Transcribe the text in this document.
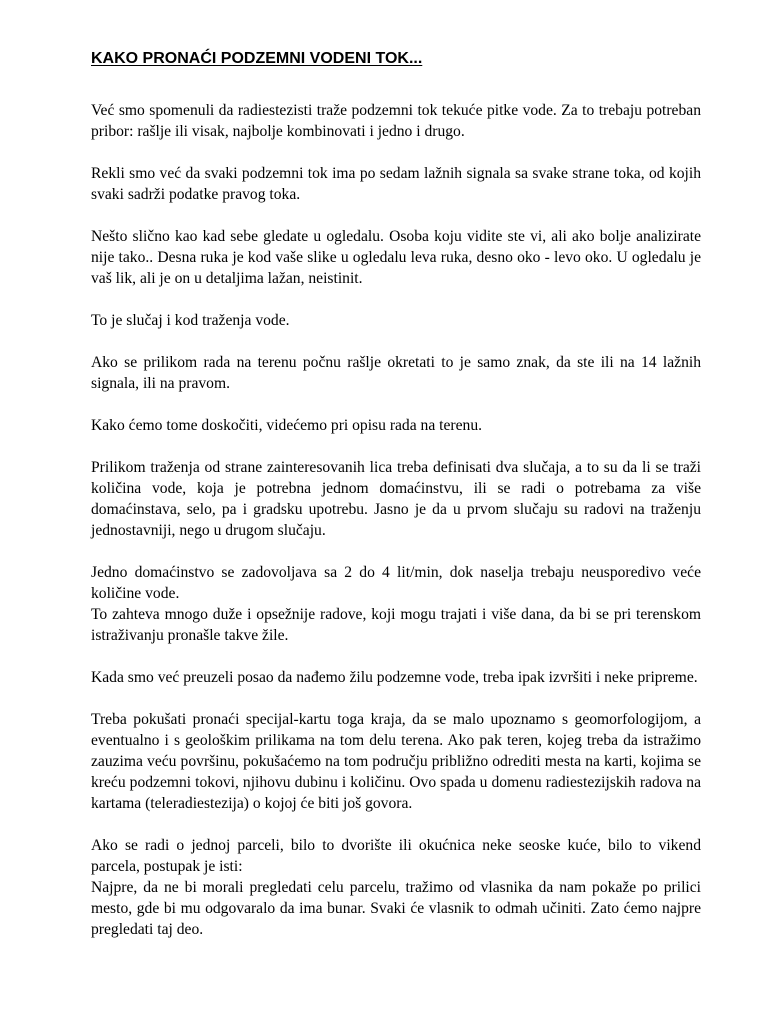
KAKO PRONAĆI PODZEMNI VODENI TOK...

Već smo spomenuli da radiestezisti traže podzemni tok tekuće pitke vode. Za to trebaju potreban pribor: rašlje ili visak, najbolje kombinovati i jedno i drugo.

Rekli smo već da svaki podzemni tok ima po sedam lažnih signala sa svake strane toka, od kojih svaki sadrži podatke pravog toka.

Nešto slično kao kad sebe gledate u ogledalu. Osoba koju vidite ste vi, ali ako bolje analizirate nije tako.. Desna ruka je kod vaše slike u ogledalu leva ruka, desno oko - levo oko. U ogledalu je vaš lik, ali je on u detaljima lažan, neistinit.

To je slučaj i kod traženja vode.

Ako se prilikom rada na terenu počnu rašlje okretati to je samo znak, da ste ili na 14 lažnih signala, ili na pravom.

Kako ćemo tome doskočiti, videćemo pri opisu rada na terenu.

Prilikom traženja od strane zainteresovanih lica treba definisati dva slučaja, a to su da li se traži količina vode, koja je potrebna jednom domaćinstvu, ili se radi o potrebama za više domaćinstava, selo, pa i gradsku upotrebu. Jasno je da u prvom slučaju su radovi na traženju jednostavniji, nego u drugom slučaju.

Jedno domaćinstvo se zadovoljava sa 2 do 4 lit/min, dok naselja trebaju neusporedivo veće količine vode.
To zahteva mnogo duže i opsežnije radove, koji mogu trajati i više dana, da bi se pri terenskom istraživanju pronašle takve žile.

Kada smo već preuzeli posao da nađemo žilu podzemne vode, treba ipak izvršiti i neke pripreme.

Treba pokušati pronaći specijal-kartu toga kraja, da se malo upoznamo s geomorfologijom, a eventualno i s geološkim prilikama na tom delu terena. Ako pak teren, kojeg treba da istražimo zauzima veću površinu, pokušaćemo na tom području približno odrediti mesta na karti, kojima se kreću podzemni tokovi, njihovu dubinu i količinu. Ovo spada u domenu radiestezijskih radova na kartama (teleradiestezija) o kojoj će biti još govora.

Ako se radi o jednoj parceli, bilo to dvorište ili okućnica neke seoske kuće, bilo to vikend parcela, postupak je isti:
Najpre, da ne bi morali pregledati celu parcelu, tražimo od vlasnika da nam pokaže po prilici mesto, gde bi mu odgovaralo da ima bunar. Svaki će vlasnik to odmah učiniti. Zato ćemo najpre pregledati taj deo.
